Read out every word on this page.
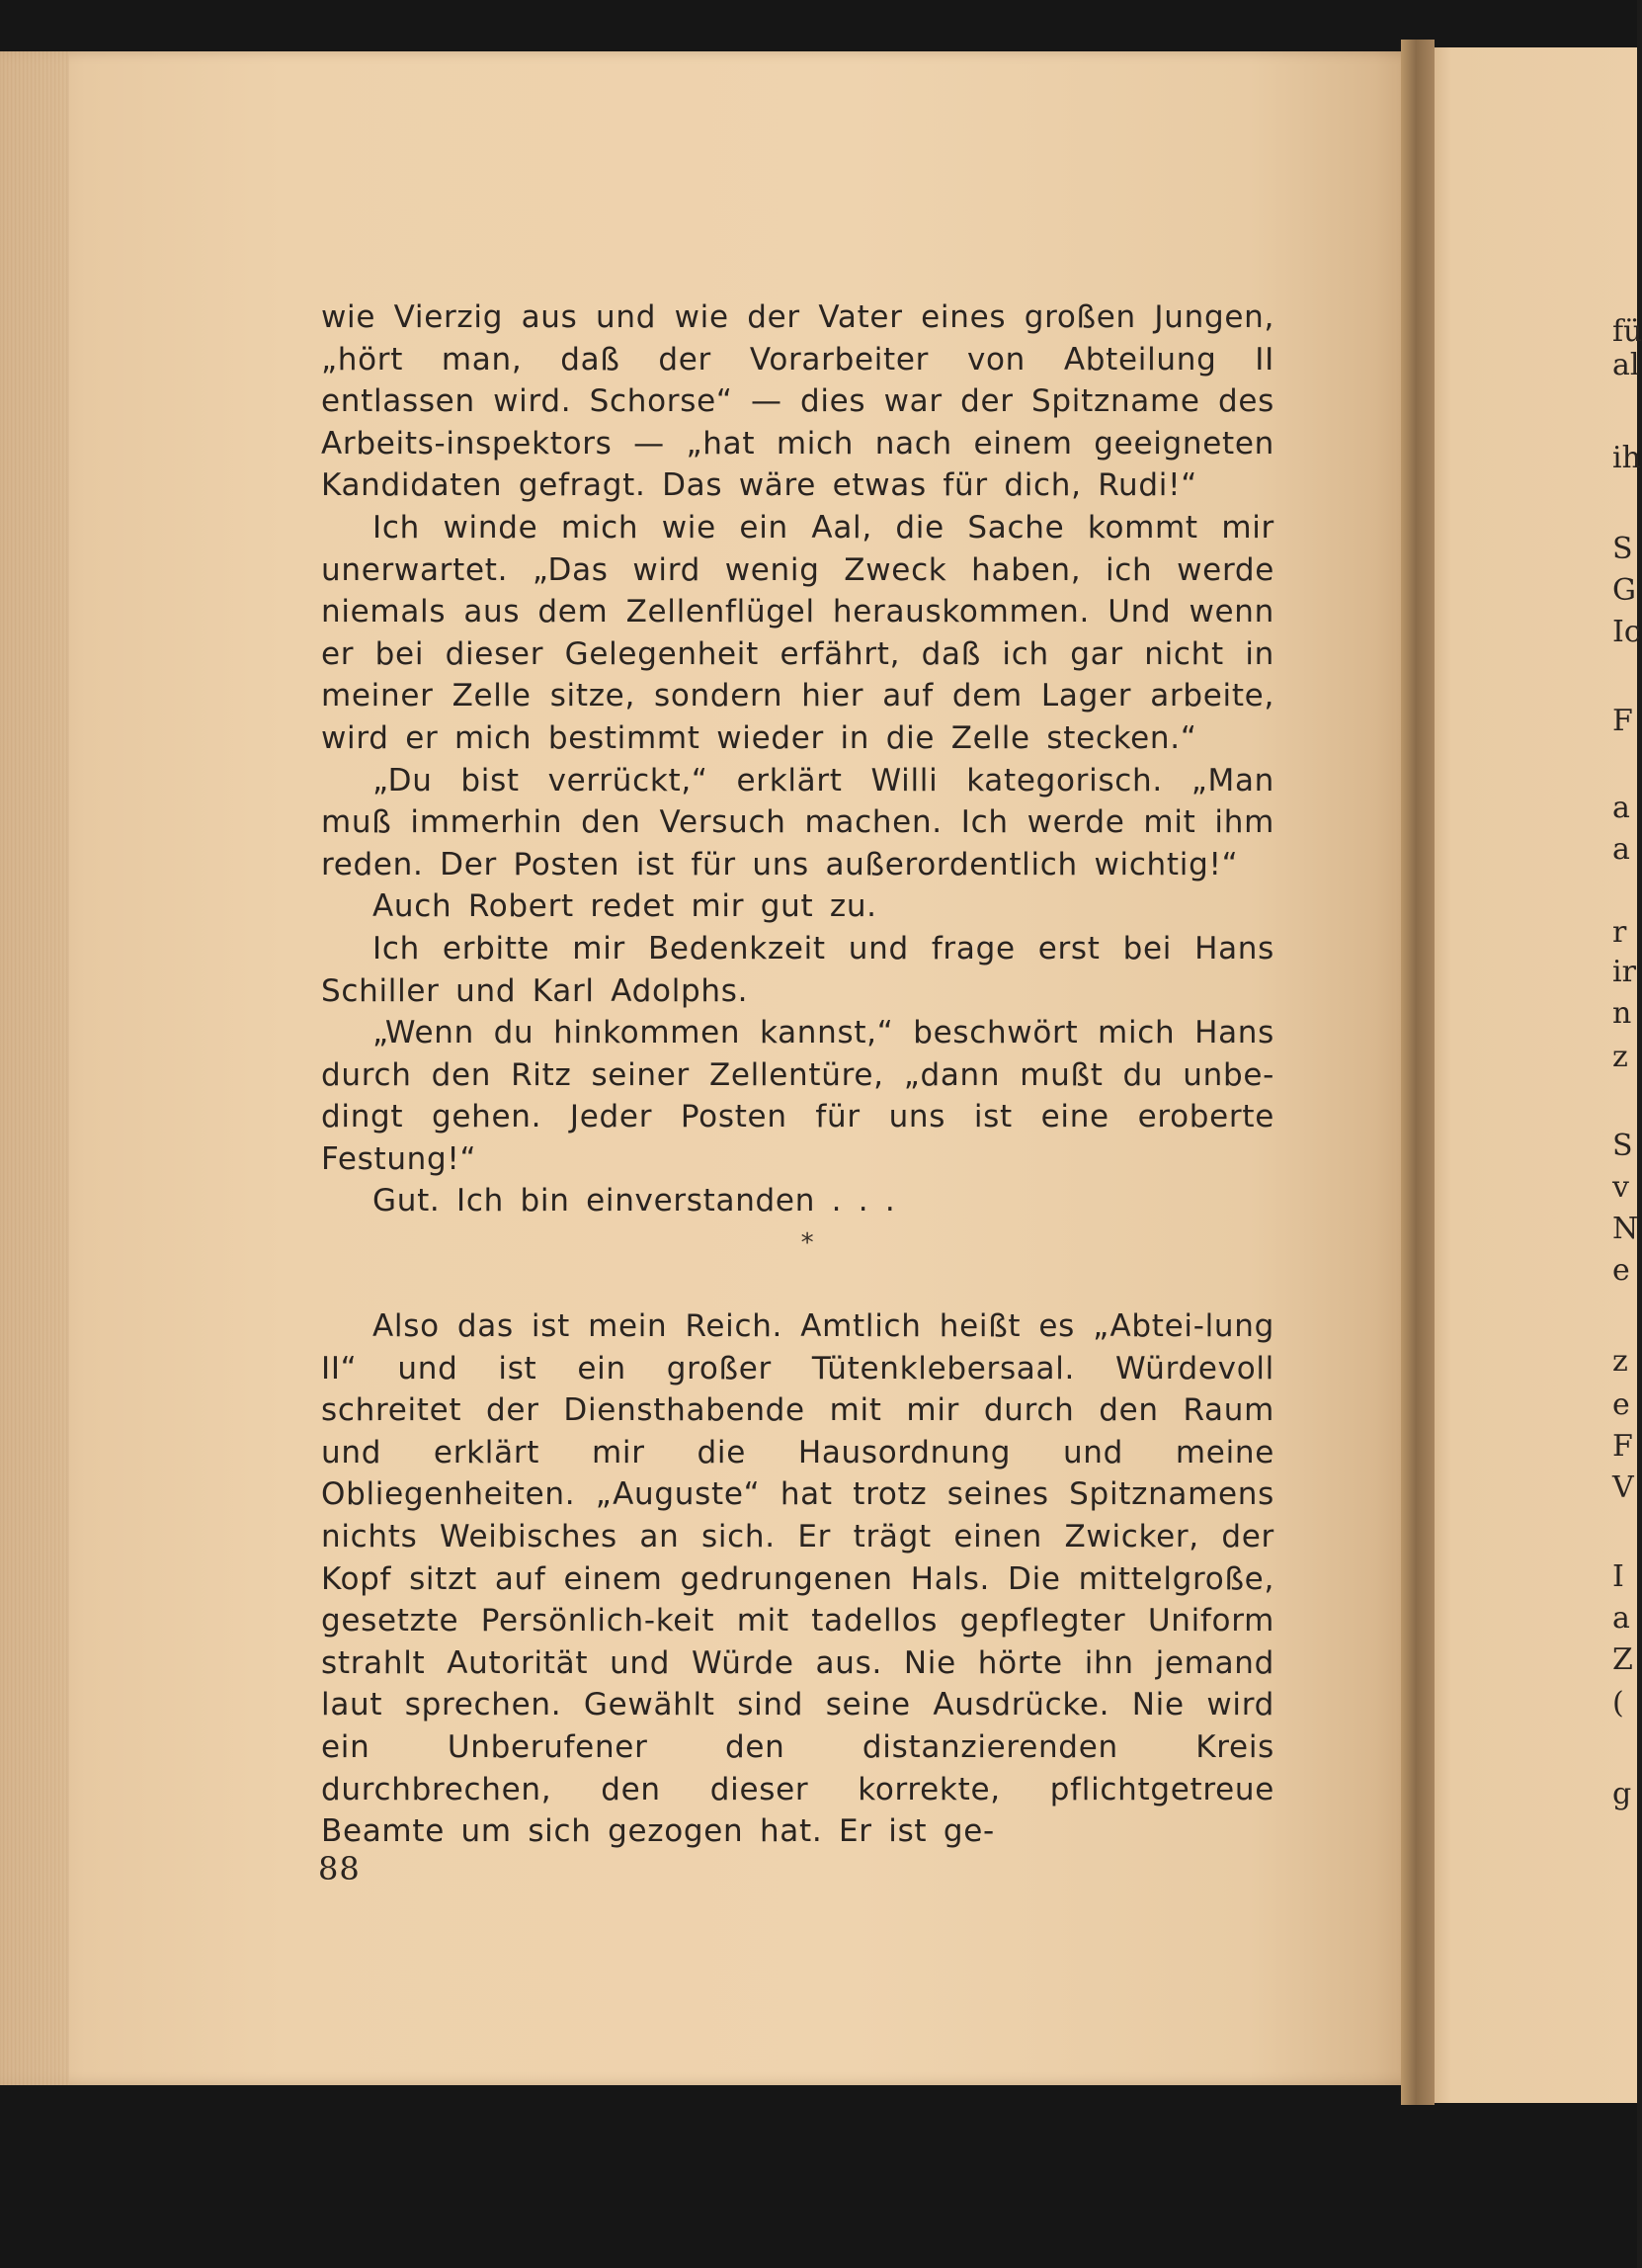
wie Vierzig aus und wie der Vater eines großen Jungen, „hört man, daß der Vorarbeiter von Abteilung II entlassen wird. Schorse“ — dies war der Spitzname des Arbeits-inspektors — „hat mich nach einem geeigneten Kandidaten gefragt. Das wäre etwas für dich, Rudi!“

Ich winde mich wie ein Aal, die Sache kommt mir unerwartet. „Das wird wenig Zweck haben, ich werde niemals aus dem Zellenflügel herauskommen. Und wenn er bei dieser Gelegenheit erfährt, daß ich gar nicht in meiner Zelle sitze, sondern hier auf dem Lager arbeite, wird er mich bestimmt wieder in die Zelle stecken.“

„Du bist verrückt,“ erklärt Willi kategorisch. „Man muß immerhin den Versuch machen. Ich werde mit ihm reden. Der Posten ist für uns außerordentlich wichtig!“

Auch Robert redet mir gut zu.

Ich erbitte mir Bedenkzeit und frage erst bei Hans Schiller und Karl Adolphs.

„Wenn du hinkommen kannst,“ beschwört mich Hans durch den Ritz seiner Zellentüre, „dann mußt du unbe-dingt gehen. Jeder Posten für uns ist eine eroberte Festung!“

Gut. Ich bin einverstanden . . .

*

Also das ist mein Reich. Amtlich heißt es „Abtei-lung II“ und ist ein großer Tütenklebersaal. Würdevoll schreitet der Diensthabende mit mir durch den Raum und erklärt mir die Hausordnung und meine Obliegenheiten. „Auguste“ hat trotz seines Spitznamens nichts Weibisches an sich. Er trägt einen Zwicker, der Kopf sitzt auf einem gedrungenen Hals. Die mittelgroße, gesetzte Persönlich-keit mit tadellos gepflegter Uniform strahlt Autorität und Würde aus. Nie hörte ihn jemand laut sprechen. Gewählt sind seine Ausdrücke. Nie wird ein Unberufener den distanzierenden Kreis durchbrechen, den dieser korrekte, pflichtgetreue Beamte um sich gezogen hat. Er ist ge-

88
fü
al
ih
S
G
Ic
F
a
a
r
ir
n
z
S
v
N
e
z
e
F
V
I
a
Z
(
g
